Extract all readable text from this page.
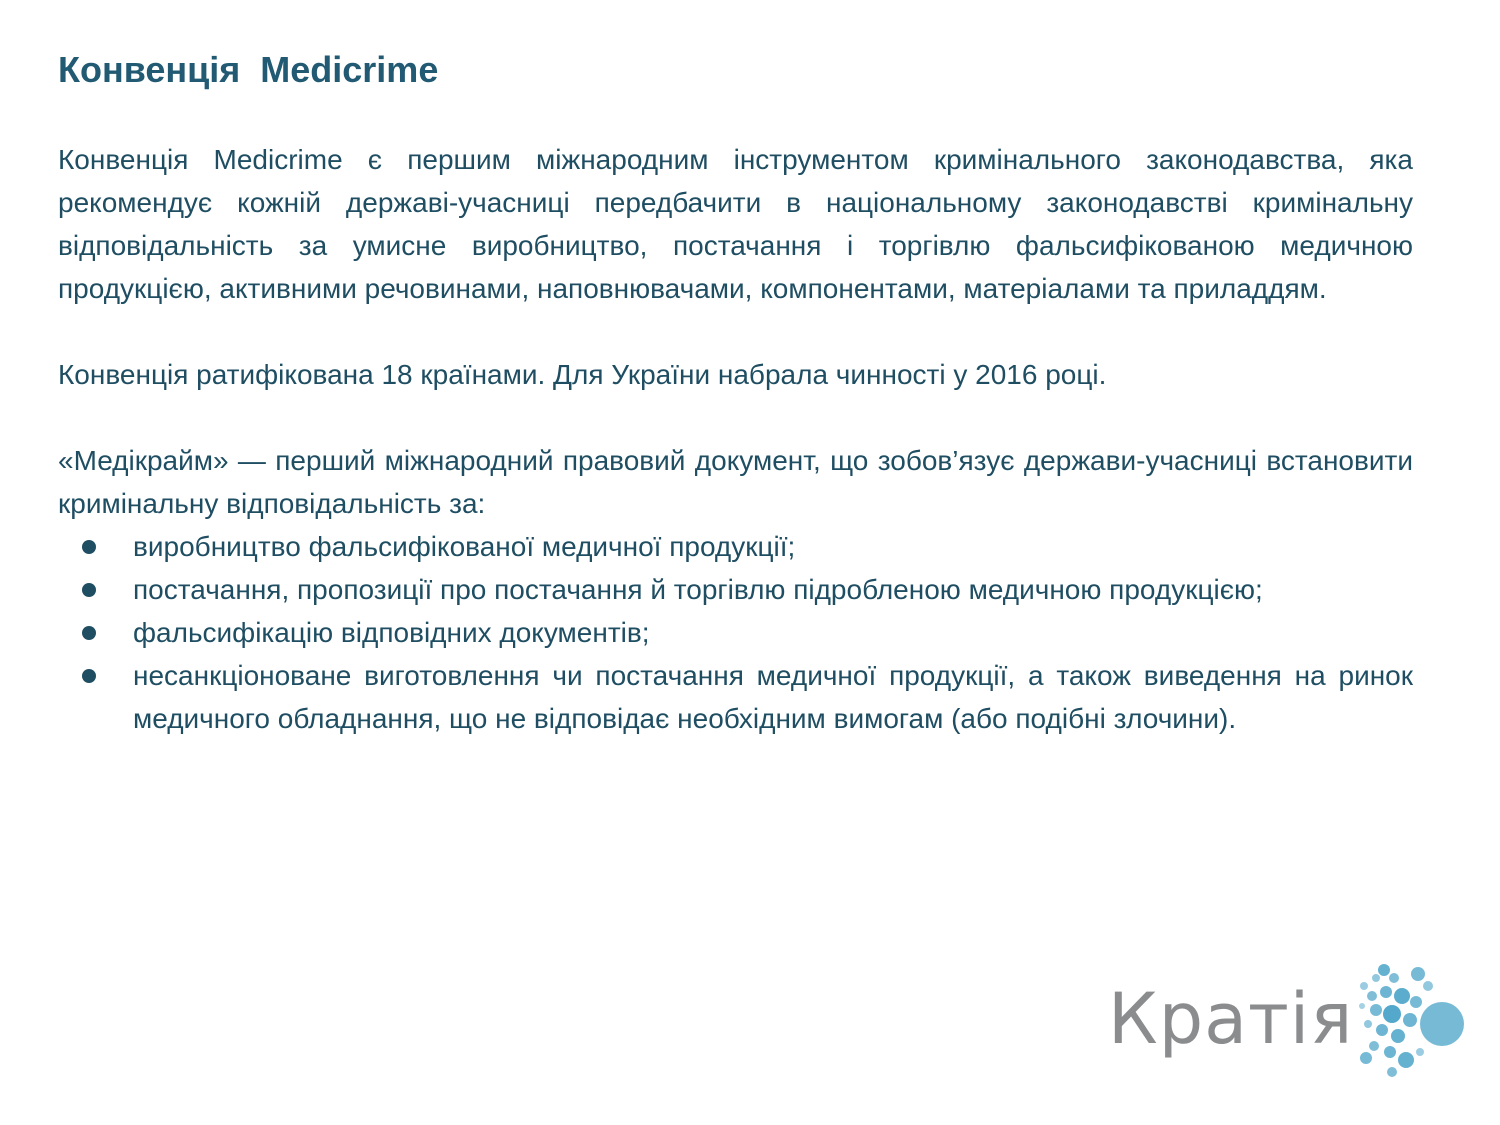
Конвенція  Medicrime

Конвенція Medicrime є першим міжнародним інструментом кримінального законодавства, яка рекомендує кожній державі-учасниці передбачити в національному законодавстві кримінальну відповідальність за умисне виробництво, постачання і торгівлю фальсифікованою медичною продукцією, активними речовинами, наповнювачами, компонентами, матеріалами та приладдям.

Конвенція ратифікована 18 країнами. Для України набрала чинності у 2016 році.

«Медікрайм» — перший міжнародний правовий документ, що зобов’язує держави-учасниці встановити кримінальну відповідальність за:

виробництво фальсифікованої медичної продукції;
постачання, пропозиції про постачання й торгівлю підробленою медичною продукцією;
фальсифікацію відповідних документів;
несанкціоноване виготовлення чи постачання медичної продукції, а також виведення на ринок медичного обладнання, що не відповідає необхідним вимогам (або подібні злочини).
Кратія
